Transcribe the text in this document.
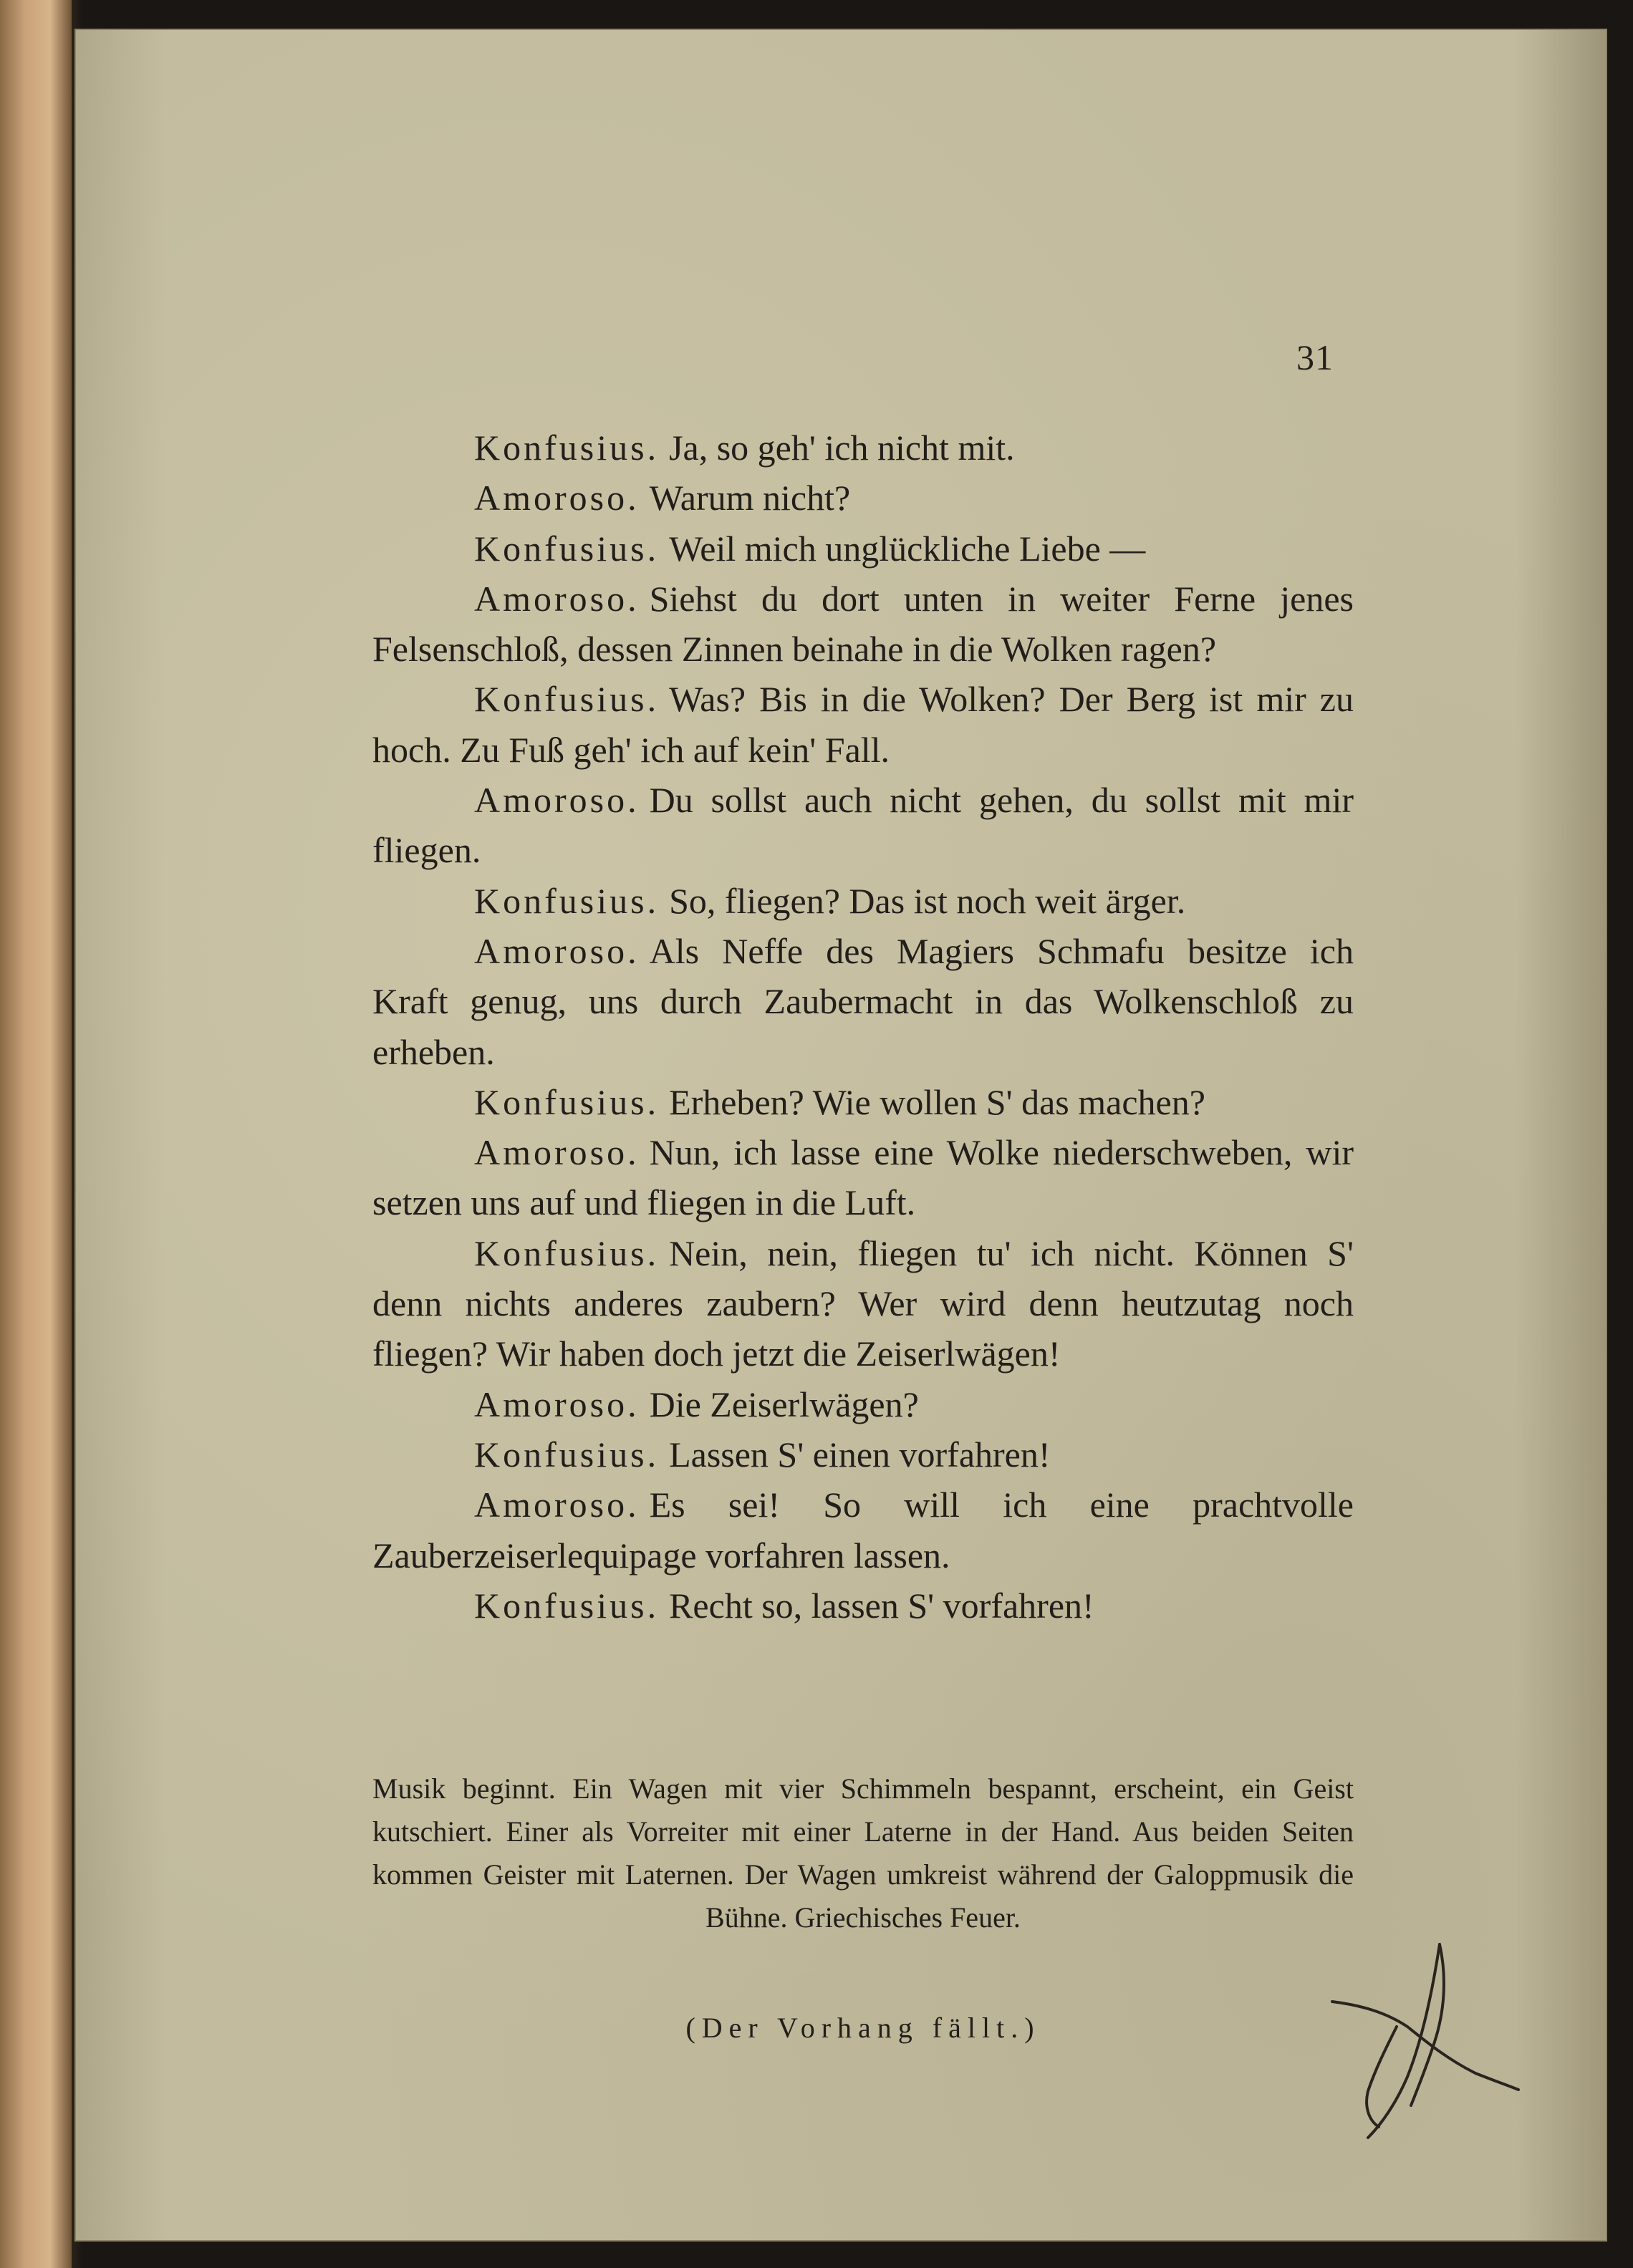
31

Konfusius. Ja, so geh' ich nicht mit.

Amoroso. Warum nicht?

Konfusius. Weil mich unglückliche Liebe —

Amoroso. Siehst du dort unten in weiter Ferne jenes Felsenschloß, dessen Zinnen beinahe in die Wolken ragen?

Konfusius. Was? Bis in die Wolken? Der Berg ist mir zu hoch. Zu Fuß geh' ich auf kein' Fall.

Amoroso. Du sollst auch nicht gehen, du sollst mit mir fliegen.

Konfusius. So, fliegen? Das ist noch weit ärger.

Amoroso. Als Neffe des Magiers Schmafu besitze ich Kraft genug, uns durch Zaubermacht in das Wolkenschloß zu erheben.

Konfusius. Erheben? Wie wollen S' das machen?

Amoroso. Nun, ich lasse eine Wolke niederschweben, wir setzen uns auf und fliegen in die Luft.

Konfusius. Nein, nein, fliegen tu' ich nicht. Können S' denn nichts anderes zaubern? Wer wird denn heutzutag noch fliegen? Wir haben doch jetzt die Zeiserlwägen!

Amoroso. Die Zeiserlwägen?

Konfusius. Lassen S' einen vorfahren!

Amoroso. Es sei! So will ich eine prachtvolle Zauberzeiserlequipage vorfahren lassen.

Konfusius. Recht so, lassen S' vorfahren!

Musik beginnt. Ein Wagen mit vier Schimmeln bespannt, erscheint, ein Geist kutschiert. Einer als Vorreiter mit einer Laterne in der Hand. Aus beiden Seiten kommen Geister mit Laternen. Der Wagen umkreist während der Galoppmusik die Bühne. Griechisches Feuer.
(Der Vorhang fällt.)
